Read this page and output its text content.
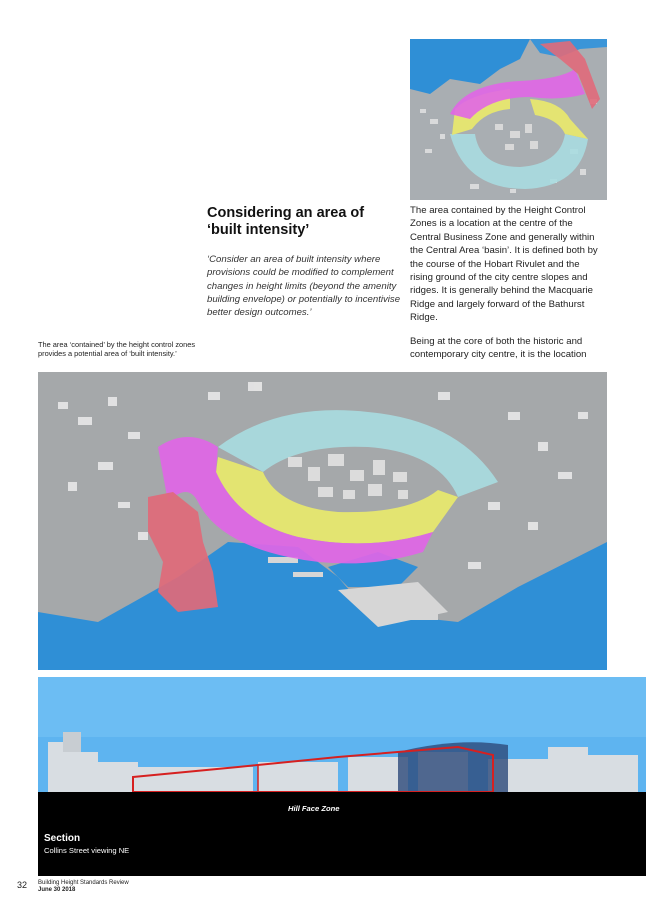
Considering an area of
‘built intensity’
‘Consider an area of built intensity where provisions could be modified to complement changes in height limits (beyond the amenity building envelope) or potentially to incentivise better design outcomes.’

The area contained by the Height Control Zones is a location at the centre of the Central Business Zone and generally within the Central Area ‘basin’. It is defined both by the course of the Hobart Rivulet and the rising ground of the city centre slopes and ridges. It is generally behind the Macquarie Ridge and largely forward of the Bathurst Ridge.

Being at the core of both the historic and contemporary city centre, it is the location

The area ‘contained’ by the height control zones provides a potential area of ‘built intensity.’
Hill Face Zone
Section
Collins Street viewing NE
32 Building Height Standards Review
June 30 2018
